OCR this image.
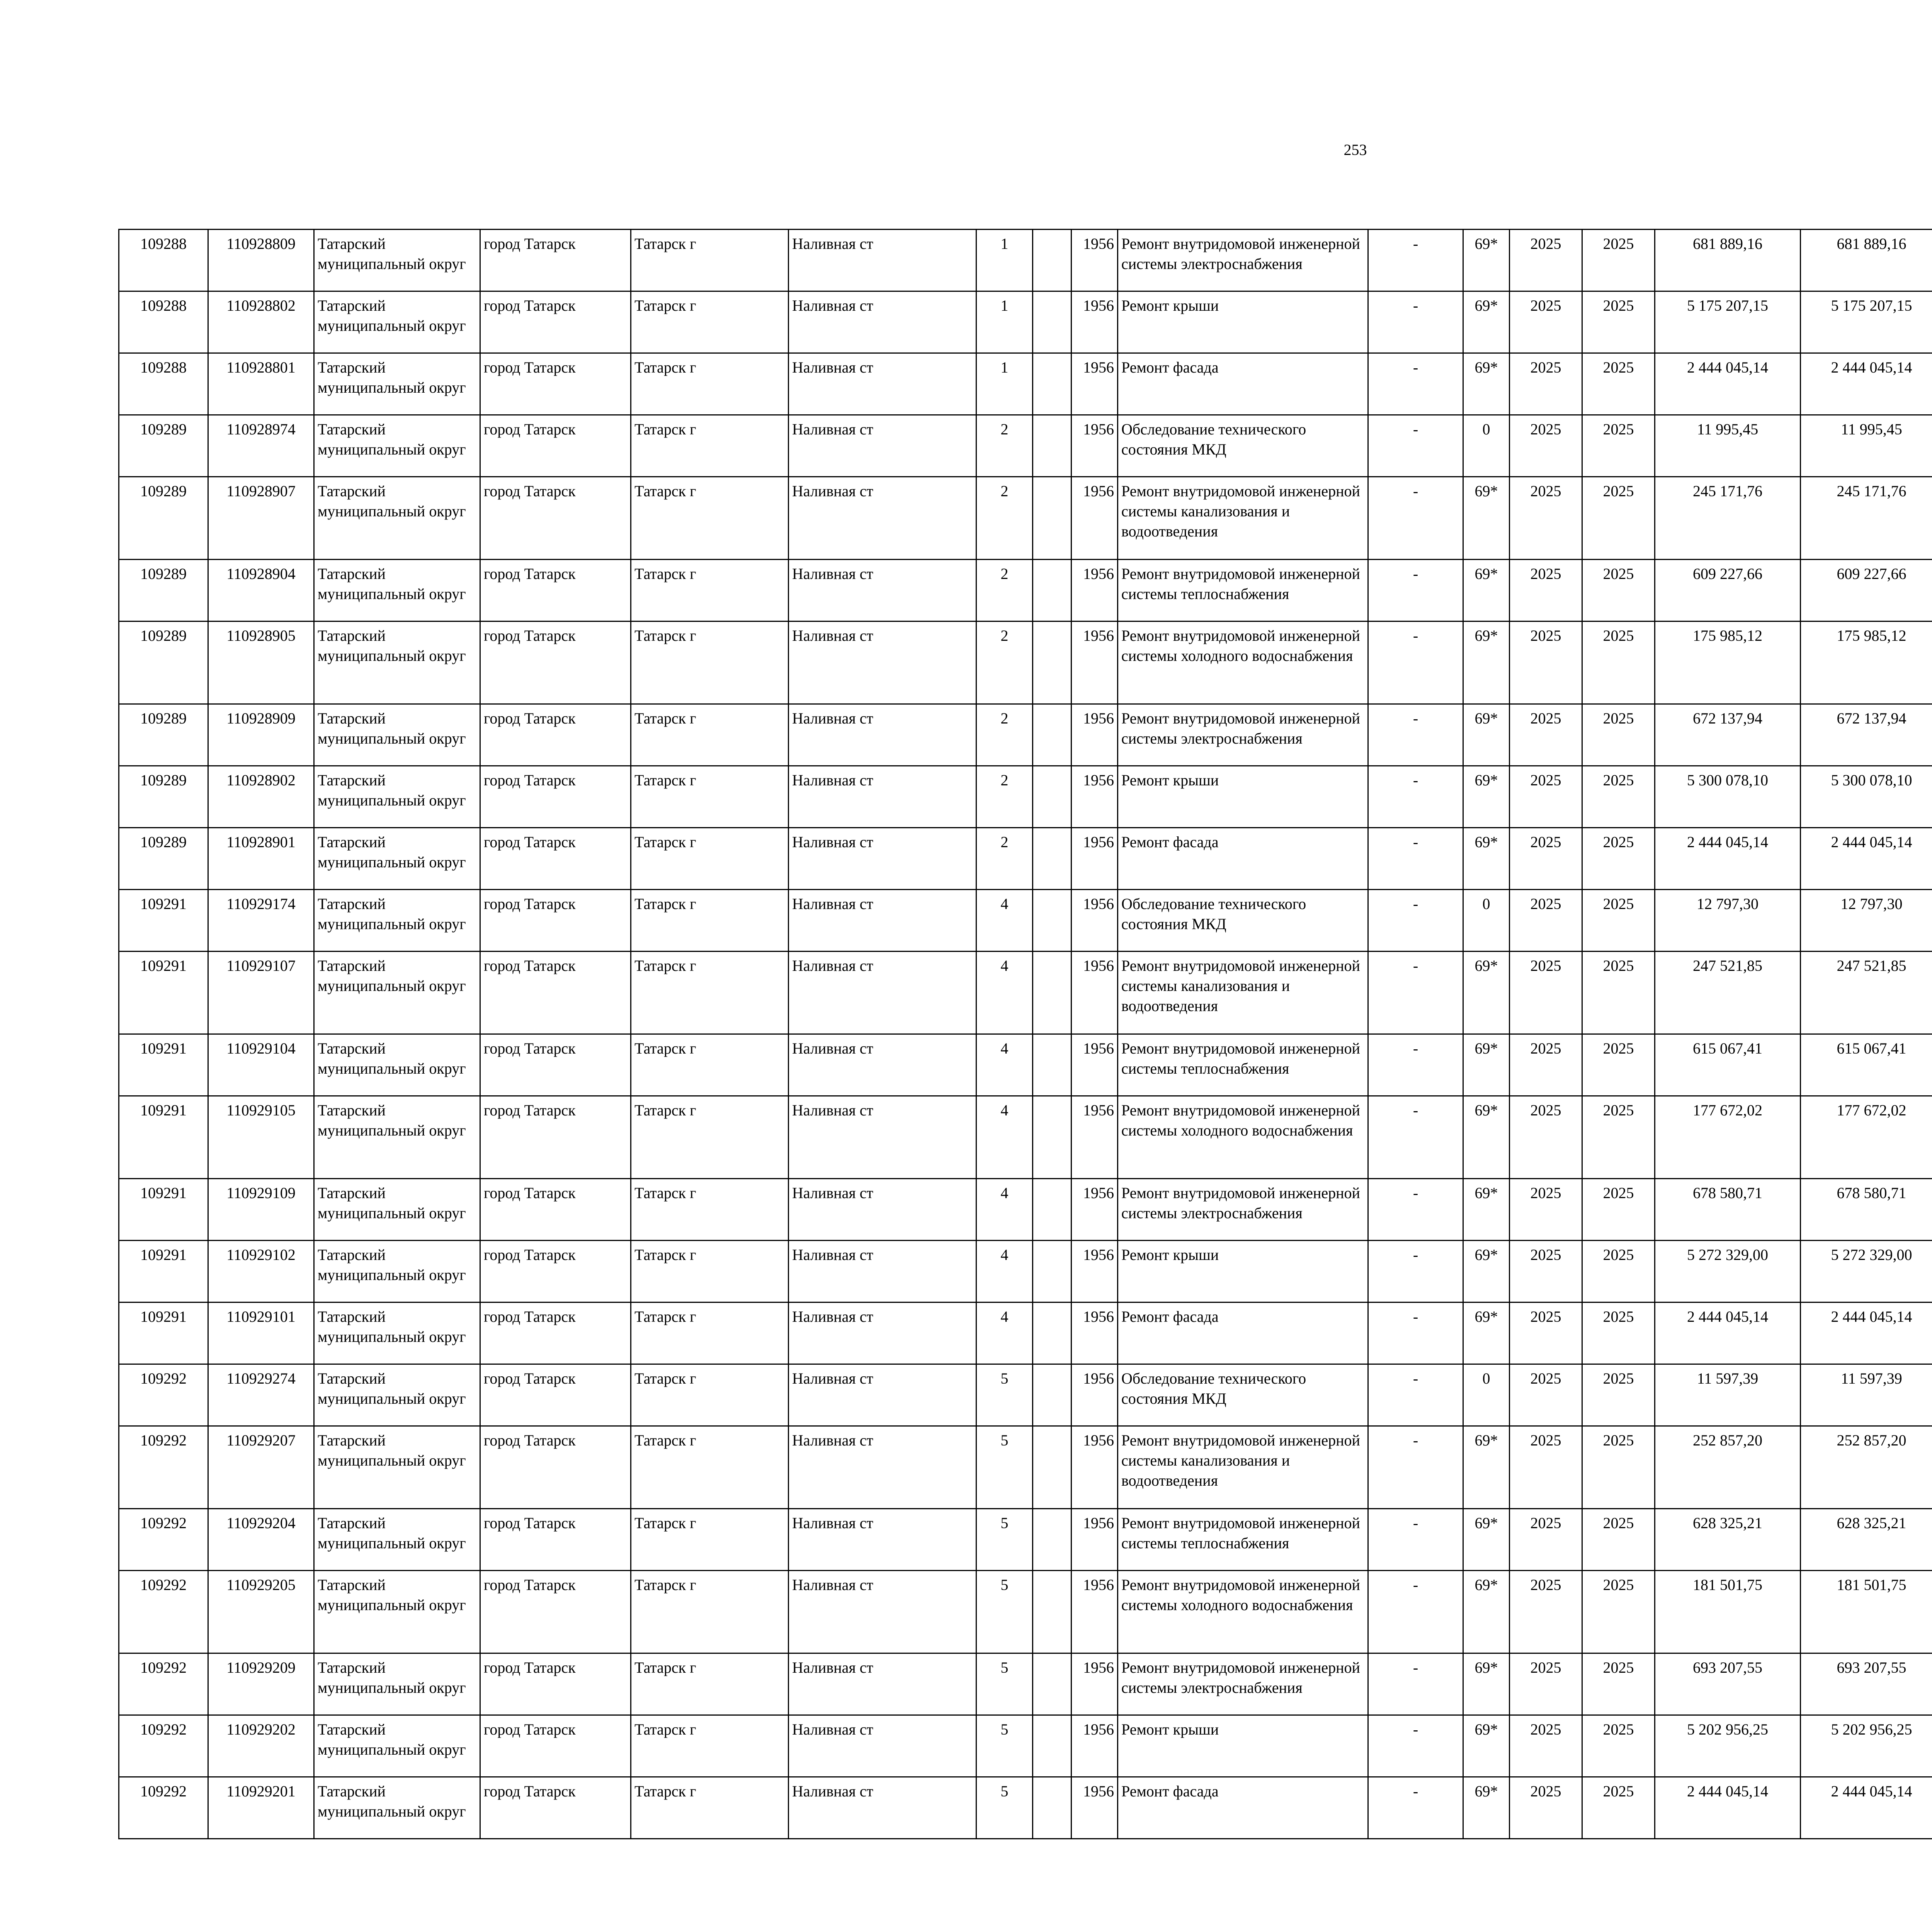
253
109288	110928809	Татарский муниципальный округ	город Татарск	Татарск г	Наливная ст	1		1956	Ремонт внутридомовой инженерной системы электроснабжения	-	69*	2025	2025	681 889,16	681 889,16						
109288	110928802	Татарский муниципальный округ	город Татарск	Татарск г	Наливная ст	1		1956	Ремонт крыши	-	69*	2025	2025	5 175 207,15	5 175 207,15						
109288	110928801	Татарский муниципальный округ	город Татарск	Татарск г	Наливная ст	1		1956	Ремонт фасада	-	69*	2025	2025	2 444 045,14	2 444 045,14						
109289	110928974	Татарский муниципальный округ	город Татарск	Татарск г	Наливная ст	2		1956	Обследование технического состояния МКД	-	0	2025	2025	11 995,45	11 995,45						
109289	110928907	Татарский муниципальный округ	город Татарск	Татарск г	Наливная ст	2		1956	Ремонт внутридомовой инженерной системы канализования и водоотведения	-	69*	2025	2025	245 171,76	245 171,76						
109289	110928904	Татарский муниципальный округ	город Татарск	Татарск г	Наливная ст	2		1956	Ремонт внутридомовой инженерной системы теплоснабжения	-	69*	2025	2025	609 227,66	609 227,66						
109289	110928905	Татарский муниципальный округ	город Татарск	Татарск г	Наливная ст	2		1956	Ремонт внутридомовой инженерной системы холодного водоснабжения	-	69*	2025	2025	175 985,12	175 985,12						
109289	110928909	Татарский муниципальный округ	город Татарск	Татарск г	Наливная ст	2		1956	Ремонт внутридомовой инженерной системы электроснабжения	-	69*	2025	2025	672 137,94	672 137,94						
109289	110928902	Татарский муниципальный округ	город Татарск	Татарск г	Наливная ст	2		1956	Ремонт крыши	-	69*	2025	2025	5 300 078,10	5 300 078,10						
109289	110928901	Татарский муниципальный округ	город Татарск	Татарск г	Наливная ст	2		1956	Ремонт фасада	-	69*	2025	2025	2 444 045,14	2 444 045,14						
109291	110929174	Татарский муниципальный округ	город Татарск	Татарск г	Наливная ст	4		1956	Обследование технического состояния МКД	-	0	2025	2025	12 797,30	12 797,30						
109291	110929107	Татарский муниципальный округ	город Татарск	Татарск г	Наливная ст	4		1956	Ремонт внутридомовой инженерной системы канализования и водоотведения	-	69*	2025	2025	247 521,85	247 521,85						
109291	110929104	Татарский муниципальный округ	город Татарск	Татарск г	Наливная ст	4		1956	Ремонт внутридомовой инженерной системы теплоснабжения	-	69*	2025	2025	615 067,41	615 067,41						
109291	110929105	Татарский муниципальный округ	город Татарск	Татарск г	Наливная ст	4		1956	Ремонт внутридомовой инженерной системы холодного водоснабжения	-	69*	2025	2025	177 672,02	177 672,02						
109291	110929109	Татарский муниципальный округ	город Татарск	Татарск г	Наливная ст	4		1956	Ремонт внутридомовой инженерной системы электроснабжения	-	69*	2025	2025	678 580,71	678 580,71						
109291	110929102	Татарский муниципальный округ	город Татарск	Татарск г	Наливная ст	4		1956	Ремонт крыши	-	69*	2025	2025	5 272 329,00	5 272 329,00						
109291	110929101	Татарский муниципальный округ	город Татарск	Татарск г	Наливная ст	4		1956	Ремонт фасада	-	69*	2025	2025	2 444 045,14	2 444 045,14						
109292	110929274	Татарский муниципальный округ	город Татарск	Татарск г	Наливная ст	5		1956	Обследование технического состояния МКД	-	0	2025	2025	11 597,39	11 597,39						
109292	110929207	Татарский муниципальный округ	город Татарск	Татарск г	Наливная ст	5		1956	Ремонт внутридомовой инженерной системы канализования и водоотведения	-	69*	2025	2025	252 857,20	252 857,20						
109292	110929204	Татарский муниципальный округ	город Татарск	Татарск г	Наливная ст	5		1956	Ремонт внутридомовой инженерной системы теплоснабжения	-	69*	2025	2025	628 325,21	628 325,21						
109292	110929205	Татарский муниципальный округ	город Татарск	Татарск г	Наливная ст	5		1956	Ремонт внутридомовой инженерной системы холодного водоснабжения	-	69*	2025	2025	181 501,75	181 501,75						
109292	110929209	Татарский муниципальный округ	город Татарск	Татарск г	Наливная ст	5		1956	Ремонт внутридомовой инженерной системы электроснабжения	-	69*	2025	2025	693 207,55	693 207,55						
109292	110929202	Татарский муниципальный округ	город Татарск	Татарск г	Наливная ст	5		1956	Ремонт крыши	-	69*	2025	2025	5 202 956,25	5 202 956,25						
109292	110929201	Татарский муниципальный округ	город Татарск	Татарск г	Наливная ст	5		1956	Ремонт фасада	-	69*	2025	2025	2 444 045,14	2 444 045,14						
